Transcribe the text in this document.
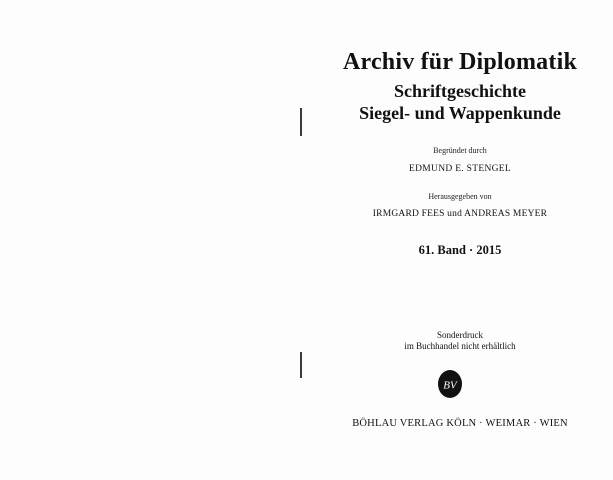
Archiv für Diplomatik
Schriftgeschichte
Siegel- und Wappenkunde
Begründet durch
EDMUND E. STENGEL
Herausgegeben von
IRMGARD FEES und ANDREAS MEYER
61. Band · 2015
Sonderdruck
im Buchhandel nicht erhältlich
BV
BÖHLAU VERLAG KÖLN · WEIMAR · WIEN
